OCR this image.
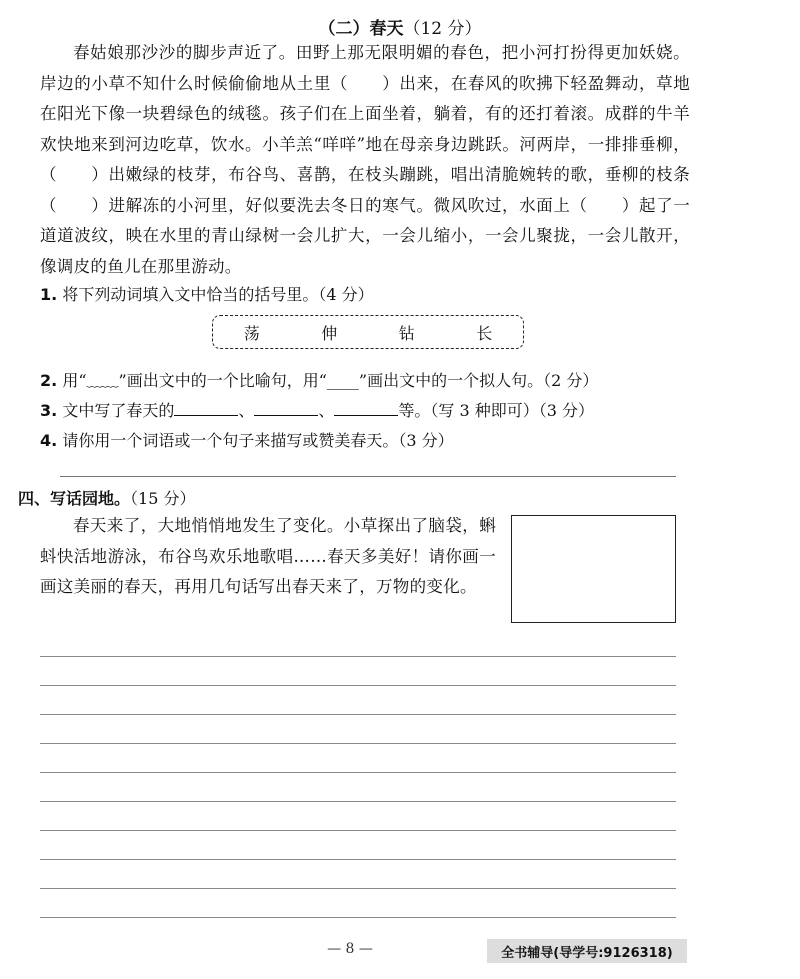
（二）春天（12 分）
春姑娘那沙沙的脚步声近了。田野上那无限明媚的春色，把小河打扮得更加妖娆。岸边的小草不知什么时候偷偷地从土里（　　）出来，在春风的吹拂下轻盈舞动，草地在阳光下像一块碧绿色的绒毯。孩子们在上面坐着，躺着，有的还打着滚。成群的牛羊欢快地来到河边吃草，饮水。小羊羔“咩咩”地在母亲身边跳跃。河两岸，一排排垂柳，（　　）出嫩绿的枝芽，布谷鸟、喜鹊，在枝头蹦跳，唱出清脆婉转的歌，垂柳的枝条（　　）进解冻的小河里，好似要洗去冬日的寒气。微风吹过，水面上（　　）起了一道道波纹，映在水里的青山绿树一会儿扩大，一会儿缩小，一会儿聚拢，一会儿散开，像调皮的鱼儿在那里游动。
1. 将下列动词填入文中恰当的括号里。（4 分）
荡	伸	钻	长
2. 用“﹏﹏”画出文中的一个比喻句，用“____”画出文中的一个拟人句。（2 分）
3. 文中写了春天的	、	、	等。（写 3 种即可）（3 分）
4. 请你用一个词语或一个句子来描写或赞美春天。（3 分）
四、写话园地。（15 分）
春天来了，大地悄悄地发生了变化。小草探出了脑袋，蝌蚪快活地游泳，布谷鸟欢乐地歌唱……春天多美好！请你画一画这美丽的春天，再用几句话写出春天来了，万物的变化。
— 8 —	全书辅导(导学号:9126318)
